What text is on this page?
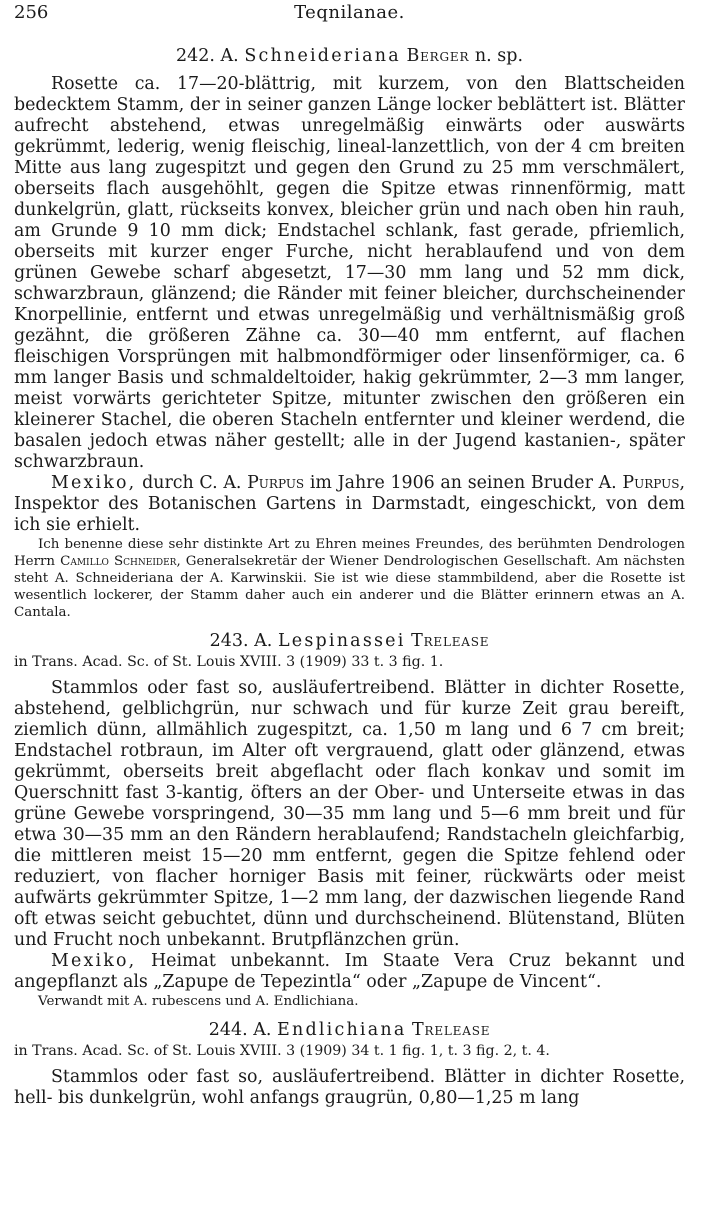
256	Teqnilanae.

242. A. Schneideriana Berger n. sp.

Rosette ca. 17—20-blättrig, mit kurzem, von den Blattscheiden bedecktem Stamm, der in seiner ganzen Länge locker beblättert ist. Blätter aufrecht abstehend, etwas unregelmäßig einwärts oder auswärts gekrümmt, lederig, wenig fleischig, lineal-lanzettlich, von der 4 cm breiten Mitte aus lang zugespitzt und gegen den Grund zu 25 mm verschmälert, oberseits flach ausgehöhlt, gegen die Spitze etwas rinnenförmig, matt dunkelgrün, glatt, rückseits konvex, bleicher grün und nach oben hin rauh, am Grunde 9 10 mm dick; Endstachel schlank, fast gerade, pfriemlich, oberseits mit kurzer enger Furche, nicht herablaufend und von dem grünen Gewebe scharf abgesetzt, 17—30 mm lang und 52 mm dick, schwarzbraun, glänzend; die Ränder mit feiner bleicher, durchscheinender Knorpellinie, entfernt und etwas unregelmäßig und verhältnismäßig groß gezähnt, die größeren Zähne ca. 30—40 mm entfernt, auf flachen fleischigen Vorsprüngen mit halbmondförmiger oder linsenförmiger, ca. 6 mm langer Basis und schmaldeltoider, hakig gekrümmter, 2—3 mm langer, meist vorwärts gerichteter Spitze, mitunter zwischen den größeren ein kleinerer Stachel, die oberen Stacheln entfernter und kleiner werdend, die basalen jedoch etwas näher gestellt; alle in der Jugend kastanien-, später schwarzbraun.

Mexiko, durch C. A. Purpus im Jahre 1906 an seinen Bruder A. Purpus, Inspektor des Botanischen Gartens in Darmstadt, eingeschickt, von dem ich sie erhielt.

Ich benenne diese sehr distinkte Art zu Ehren meines Freundes, des berühmten Dendrologen Herrn Camillo Schneider, Generalsekretär der Wiener Dendrologischen Gesellschaft. Am nächsten steht A. Schneideriana der A. Karwinskii. Sie ist wie diese stammbildend, aber die Rosette ist wesentlich lockerer, der Stamm daher auch ein anderer und die Blätter erinnern etwas an A. Cantala.

243. A. Lespinassei Trelease

in Trans. Acad. Sc. of St. Louis XVIII. 3 (1909) 33 t. 3 fig. 1.

Stammlos oder fast so, ausläufertreibend. Blätter in dichter Rosette, abstehend, gelblichgrün, nur schwach und für kurze Zeit grau bereift, ziemlich dünn, allmählich zugespitzt, ca. 1,50 m lang und 6 7 cm breit; Endstachel rotbraun, im Alter oft vergrauend, glatt oder glänzend, etwas gekrümmt, oberseits breit abgeflacht oder flach konkav und somit im Querschnitt fast 3-kantig, öfters an der Ober- und Unterseite etwas in das grüne Gewebe vorspringend, 30—35 mm lang und 5—6 mm breit und für etwa 30—35 mm an den Rändern herablaufend; Randstacheln gleichfarbig, die mittleren meist 15—20 mm entfernt, gegen die Spitze fehlend oder reduziert, von flacher horniger Basis mit feiner, rückwärts oder meist aufwärts gekrümmter Spitze, 1—2 mm lang, der dazwischen liegende Rand oft etwas seicht gebuchtet, dünn und durchscheinend. Blütenstand, Blüten und Frucht noch unbekannt. Brutpflänzchen grün.

Mexiko, Heimat unbekannt. Im Staate Vera Cruz bekannt und angepflanzt als „Zapupe de Tepezintla“ oder „Zapupe de Vincent“.

Verwandt mit A. rubescens und A. Endlichiana.

244. A. Endlichiana Trelease

in Trans. Acad. Sc. of St. Louis XVIII. 3 (1909) 34 t. 1 fig. 1, t. 3 fig. 2, t. 4.

Stammlos oder fast so, ausläufertreibend. Blätter in dichter Rosette, hell- bis dunkelgrün, wohl anfangs graugrün, 0,80—1,25 m lang
